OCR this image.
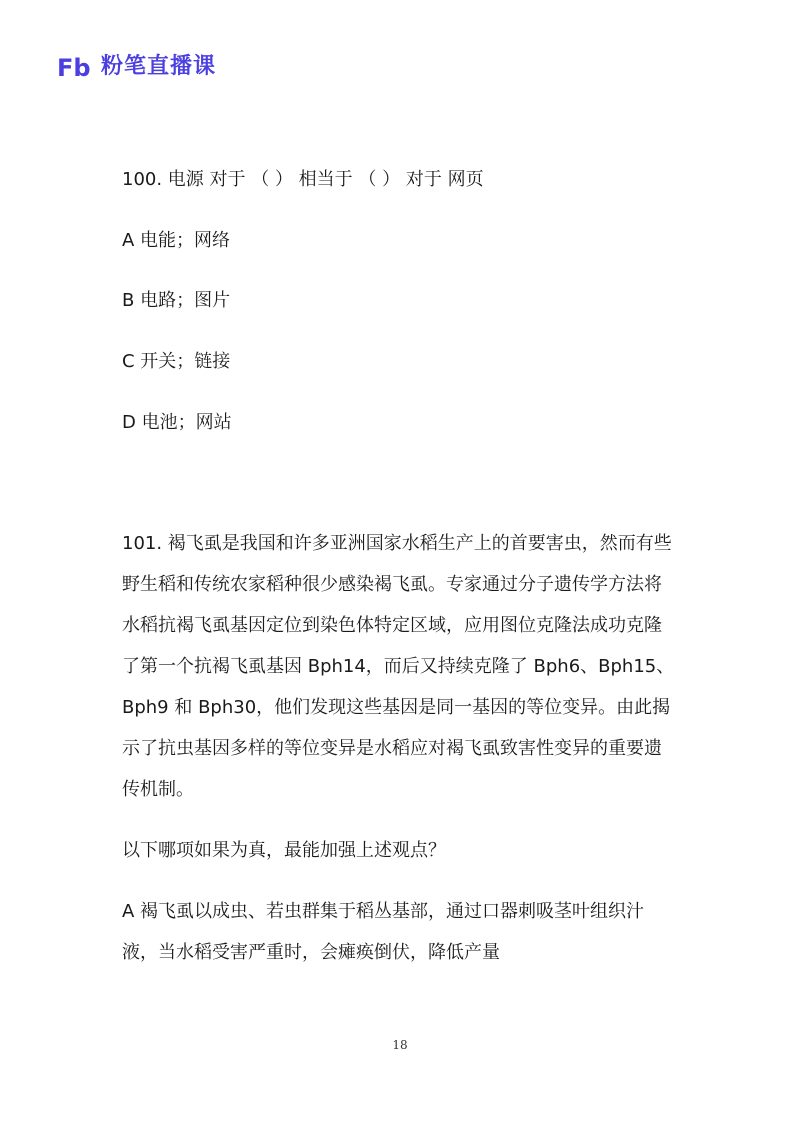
Fb 粉笔直播课
100. 电源 对于 （ ） 相当于 （ ） 对于 网页
A 电能；网络
B 电路；图片
C 开关；链接
D 电池；网站
101. 褐飞虱是我国和许多亚洲国家水稻生产上的首要害虫，然而有些
野生稻和传统农家稻种很少感染褐飞虱。专家通过分子遗传学方法将
水稻抗褐飞虱基因定位到染色体特定区域，应用图位克隆法成功克隆
了第一个抗褐飞虱基因 Bph14，而后又持续克隆了 Bph6、Bph15、
Bph9 和 Bph30，他们发现这些基因是同一基因的等位变异。由此揭
示了抗虫基因多样的等位变异是水稻应对褐飞虱致害性变异的重要遗
传机制。
以下哪项如果为真，最能加强上述观点？
A 褐飞虱以成虫、若虫群集于稻丛基部，通过口器刺吸茎叶组织汁
液，当水稻受害严重时，会瘫痪倒伏，降低产量
18
